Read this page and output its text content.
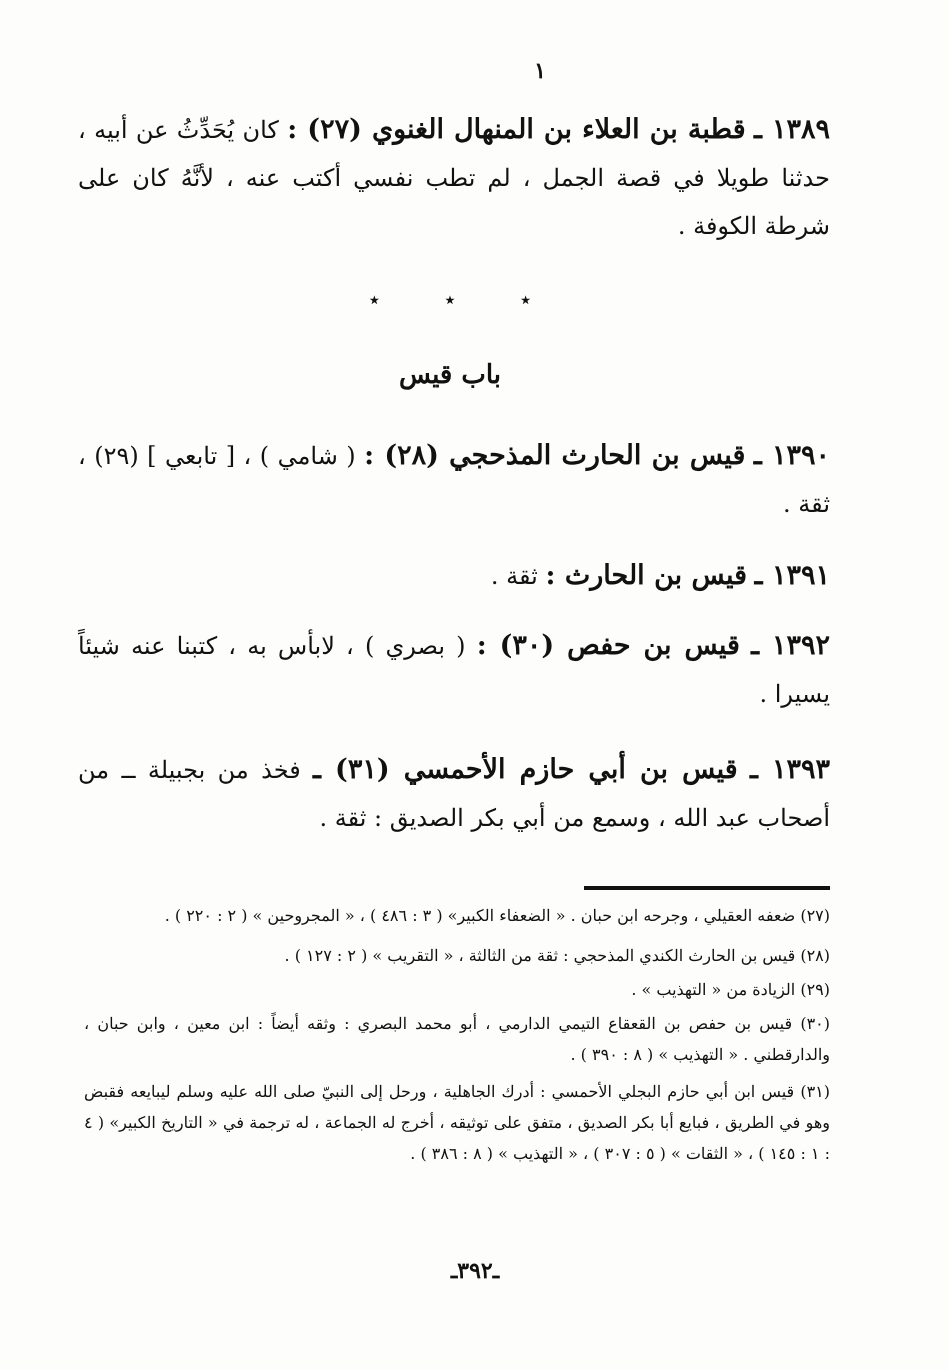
١
١٣٨٩ ـ قطبة بن العلاء بن المنهال الغنوي (٢٧) : كان يُحَدِّثُ عن أبيه ، حدثنا طويلا في قصة الجمل ، لم تطب نفسي أكتب عنه ، لأنَّهُ كان على شرطة الكوفة .
٭	٭	٭
باب قيس
١٣٩٠ ـ قيس بن الحارث المذحجي (٢٨) : ( شامي ) ، [ تابعي ] (٢٩) ، ثقة .
١٣٩١ ـ قيس بن الحارث : ثقة .
١٣٩٢ ـ قيس بن حفص (٣٠) : ( بصري ) ، لابأس به ، كتبنا عنه شيئاً يسيرا .
١٣٩٣ ـ قيس بن أبي حازم الأحمسي (٣١) ـ فخذ من بجبيلة ــ من أصحاب عبد الله ، وسمع من أبي بكر الصديق : ثقة .
(٢٧) ضعفه العقيلي ، وجرحه ابن حبان . « الضعفاء الكبير» ( ٣ : ٤٨٦ ) ، « المجروحين » ( ٢ : ٢٢٠ ) .
(٢٨) قيس بن الحارث الكندي المذحجي : ثقة من الثالثة ، « التقريب » ( ٢ : ١٢٧ ) .
(٢٩) الزيادة من « التهذيب » .
(٣٠) قيس بن حفص بن القعقاع التيمي الدارمي ، أبو محمد البصري : وثقه أيضاً : ابن معين ، وابن حبان ، والدارقطني . « التهذيب » ( ٨ : ٣٩٠ ) .
(٣١) قيس ابن أبي حازم البجلي الأحمسي : أدرك الجاهلية ، ورحل إلى النبيّ صلى الله عليه وسلم ليبايعه فقبض وهو في الطريق ، فبايع أبا بكر الصديق ، متفق على توثيقه ، أخرج له الجماعة ، له ترجمة في « التاريخ الكبير» ( ٤ : ١ : ١٤٥ ) ، « الثقات » ( ٥ : ٣٠٧ ) ، « التهذيب » ( ٨ : ٣٨٦ ) .
ـ٣٩٢ـ
